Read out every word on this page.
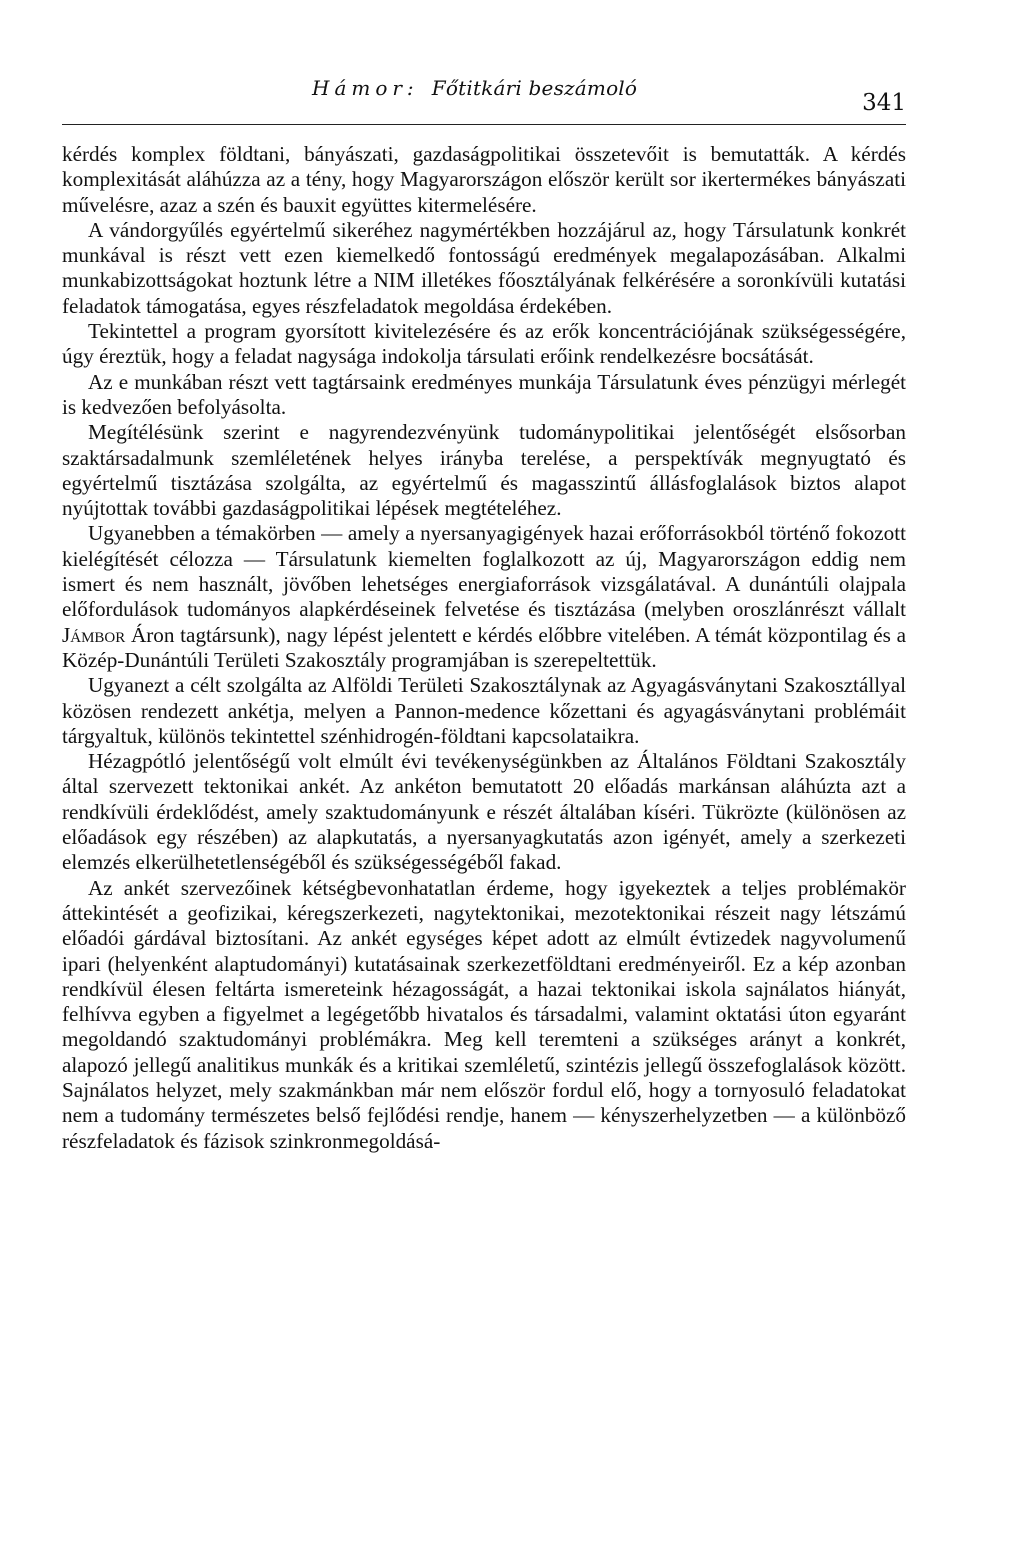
Hámor: Főtitkári beszámoló
341

kérdés komplex földtani, bányászati, gazdaságpolitikai összetevőit is bemutatták. A kérdés komplexitását aláhúzza az a tény, hogy Magyarországon először került sor ikertermékes bányászati művelésre, azaz a szén és bauxit együttes kitermelésére.

A vándorgyűlés egyértelmű sikeréhez nagymértékben hozzájárul az, hogy Társulatunk konkrét munkával is részt vett ezen kiemelkedő fontosságú eredmények megalapozásában. Alkalmi munkabizottságokat hoztunk létre a NIM illetékes főosztályának felkérésére a soronkívüli kutatási feladatok támogatása, egyes részfeladatok megoldása érdekében.

Tekintettel a program gyorsított kivitelezésére és az erők koncentrációjának szükségességére, úgy éreztük, hogy a feladat nagysága indokolja társulati erőink rendelkezésre bocsátását.

Az e munkában részt vett tagtársaink eredményes munkája Társulatunk éves pénzügyi mérlegét is kedvezően befolyásolta.

Megítélésünk szerint e nagyrendezvényünk tudománypolitikai jelentőségét elsősorban szaktársadalmunk szemléletének helyes irányba terelése, a perspektívák megnyugtató és egyértelmű tisztázása szolgálta, az egyértelmű és magasszintű állásfoglalások biztos alapot nyújtottak további gazdaságpolitikai lépések megtételéhez.

Ugyanebben a témakörben — amely a nyersanyagigények hazai erőforrásokból történő fokozott kielégítését célozza — Társulatunk kiemelten foglalkozott az új, Magyarországon eddig nem ismert és nem használt, jövőben lehetséges energiaforrások vizsgálatával. A dunántúli olajpala előfordulások tudományos alapkérdéseinek felvetése és tisztázása (melyben oroszlánrészt vállalt Jámbor Áron tagtársunk), nagy lépést jelentett e kérdés előbbre vitelében. A témát központilag és a Közép-Dunántúli Területi Szakosztály programjában is szerepeltettük.

Ugyanezt a célt szolgálta az Alföldi Területi Szakosztálynak az Agyagásványtani Szakosztállyal közösen rendezett ankétja, melyen a Pannon-medence kőzettani és agyagásványtani problémáit tárgyaltuk, különös tekintettel szénhidrogén-földtani kapcsolataikra.

Hézagpótló jelentőségű volt elmúlt évi tevékenységünkben az Általános Földtani Szakosztály által szervezett tektonikai ankét. Az ankéton bemutatott 20 előadás markánsan aláhúzta azt a rendkívüli érdeklődést, amely szaktudományunk e részét általában kíséri. Tükrözte (különösen az előadások egy részében) az alapkutatás, a nyersanyagkutatás azon igényét, amely a szerkezeti elemzés elkerülhetetlenségéből és szükségességéből fakad.

Az ankét szervezőinek kétségbevonhatatlan érdeme, hogy igyekeztek a teljes problémakör áttekintését a geofizikai, kéregszerkezeti, nagytektonikai, mezotektonikai részeit nagy létszámú előadói gárdával biztosítani. Az ankét egységes képet adott az elmúlt évtizedek nagyvolumenű ipari (helyenként alaptudományi) kutatásainak szerkezetföldtani eredményeiről. Ez a kép azonban rendkívül élesen feltárta ismereteink hézagosságát, a hazai tektonikai iskola sajnálatos hiányát, felhívva egyben a figyelmet a legégetőbb hivatalos és társadalmi, valamint oktatási úton egyaránt megoldandó szaktudományi problémákra. Meg kell teremteni a szükséges arányt a konkrét, alapozó jellegű analitikus munkák és a kritikai szemléletű, szintézis jellegű összefoglalások között. Sajnálatos helyzet, mely szakmánkban már nem először fordul elő, hogy a tornyosuló feladatokat nem a tudomány természetes belső fejlődési rendje, hanem — kényszerhelyzetben — a különböző részfeladatok és fázisok szinkronmegoldásá-
